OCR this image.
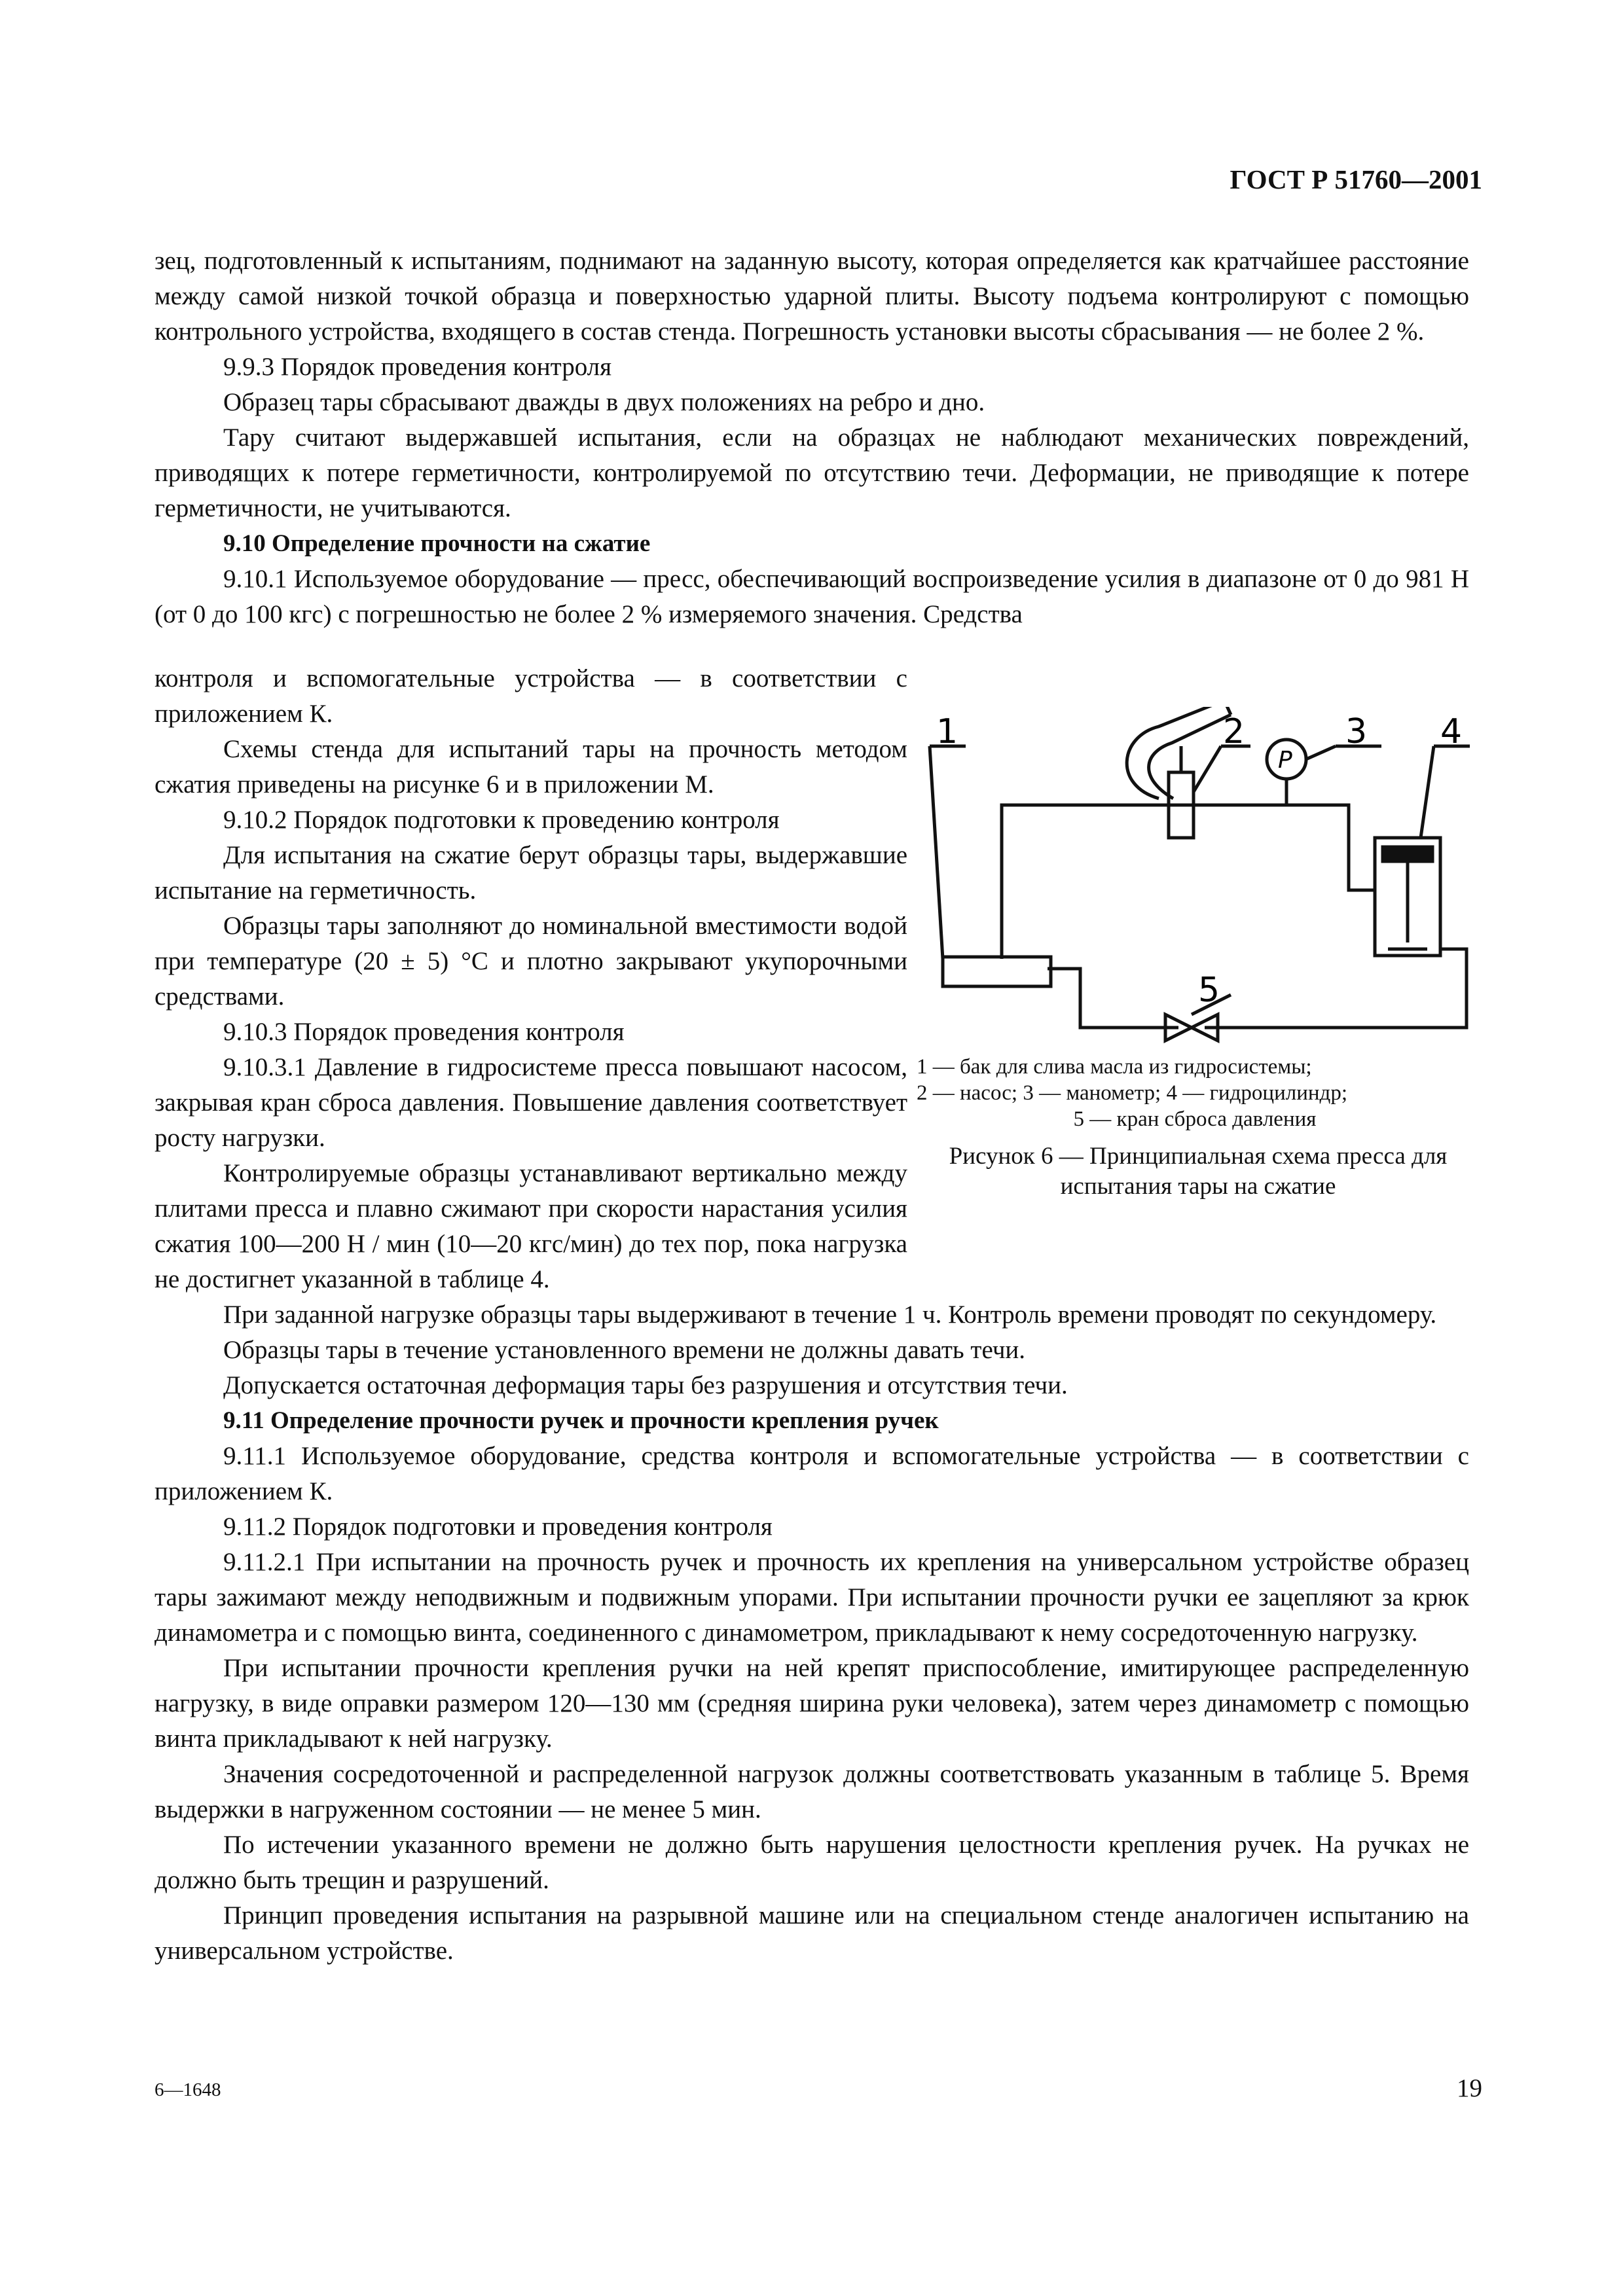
ГОСТ Р 51760—2001

зец, подготовленный к испытаниям, поднимают на заданную высоту, которая определяется как кратчайшее расстояние между самой низкой точкой образца и поверхностью ударной плиты. Высоту подъема контролируют с помощью контрольного устройства, входящего в состав стенда. Погрешность установки высоты сбрасывания — не более 2 %.

9.9.3 Порядок проведения контроля

Образец тары сбрасывают дважды в двух положениях на ребро и дно.

Тару считают выдержавшей испытания, если на образцах не наблюдают механических повреждений, приводящих к потере герметичности, контролируемой по отсутствию течи. Деформации, не приводящие к потере герметичности, не учитываются.

9.10 Определение прочности на сжатие

9.10.1 Используемое оборудование — пресс, обеспечивающий воспроизведение усилия в диапазоне от 0 до 981 Н (от 0 до 100 кгс) с погрешностью не более 2 % измеряемого значения. Средства

контроля и вспомогательные устройства — в соответствии с приложением К.

Схемы стенда для испытаний тары на прочность методом сжатия приведены на рисунке 6 и в приложении М.

9.10.2 Порядок подготовки к проведению контроля

Для испытания на сжатие берут образцы тары, выдержавшие испытание на герметичность.

Образцы тары заполняют до номинальной вместимости водой при температуре (20 ± 5) °С и плотно закрывают укупорочными средствами.

9.10.3 Порядок проведения контроля

9.10.3.1 Давление в гидросистеме пресса повышают насосом, закрывая кран сброса давления. Повышение давления соответствует росту нагрузки.

Контролируемые образцы устанавливают вертикально между плитами пресса и плавно сжимают при скорости нарастания усилия сжатия 100—200 Н / мин (10—20 кгс/мин) до тех пор, пока нагрузка не достигнет указанной в таблице 4.

1	2	3 4
5
P
1 — бак для слива масла из гидросистемы;
2 — насос; 3 — манометр; 4 — гидроцилиндр;
5 — кран сброса давления
Рисунок 6 — Принципиальная схема пресса для испытания тары на сжатие

При заданной нагрузке образцы тары выдерживают в течение 1 ч. Контроль времени проводят по секундомеру.

Образцы тары в течение установленного времени не должны давать течи.

Допускается остаточная деформация тары без разрушения и отсутствия течи.

9.11 Определение прочности ручек и прочности крепления ручек

9.11.1 Используемое оборудование, средства контроля и вспомогательные устройства — в соответствии с приложением К.

9.11.2 Порядок подготовки и проведения контроля

9.11.2.1 При испытании на прочность ручек и прочность их крепления на универсальном устройстве образец тары зажимают между неподвижным и подвижным упорами. При испытании прочности ручки ее зацепляют за крюк динамометра и с помощью винта, соединенного с динамометром, прикладывают к нему сосредоточенную нагрузку.

При испытании прочности крепления ручки на ней крепят приспособление, имитирующее распределенную нагрузку, в виде оправки размером 120—130 мм (средняя ширина руки человека), затем через динамометр с помощью винта прикладывают к ней нагрузку.

Значения сосредоточенной и распределенной нагрузок должны соответствовать указанным в таблице 5. Время выдержки в нагруженном состоянии — не менее 5 мин.

По истечении указанного времени не должно быть нарушения целостности крепления ручек. На ручках не должно быть трещин и разрушений.

Принцип проведения испытания на разрывной машине или на специальном стенде аналогичен испытанию на универсальном устройстве.

6—1648	19
